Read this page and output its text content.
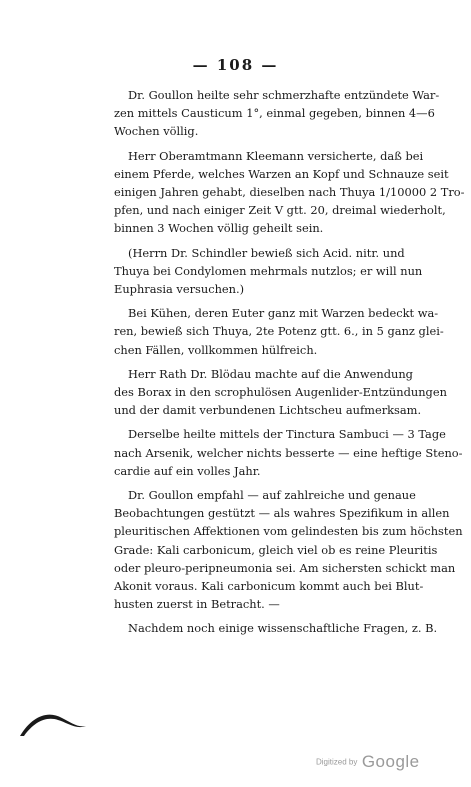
— 108 —
Dr. Goullon heilte sehr schmerzhafte entzündete War-
zen mittels Causticum 1°, einmal gegeben, binnen 4—6
Wochen völlig.
Herr Oberamtmann Kleemann versicherte, daß bei
einem Pferde, welches Warzen an Kopf und Schnauze seit
einigen Jahren gehabt, dieselben nach Thuya 1/10000 2 Tro-
pfen, und nach einiger Zeit V gtt. 20, dreimal wiederholt,
binnen 3 Wochen völlig geheilt sein.
(Herrn Dr. Schindler bewieß sich Acid. nitr. und
Thuya bei Condylomen mehrmals nutzlos; er will nun
Euphrasia versuchen.)
Bei Kühen, deren Euter ganz mit Warzen bedeckt wa-
ren, bewieß sich Thuya, 2te Potenz gtt. 6., in 5 ganz glei-
chen Fällen, vollkommen hülfreich.
Herr Rath Dr. Blödau machte auf die Anwendung
des Borax in den scrophulösen Augenlider-Entzündungen
und der damit verbundenen Lichtscheu aufmerksam.
Derselbe heilte mittels der Tinctura Sambuci — 3 Tage
nach Arsenik, welcher nichts besserte — eine heftige Steno-
cardie auf ein volles Jahr.
Dr. Goullon empfahl — auf zahlreiche und genaue
Beobachtungen gestützt — als wahres Spezifikum in allen
pleuritischen Affektionen vom gelindesten bis zum höchsten
Grade: Kali carbonicum, gleich viel ob es reine Pleuritis
oder pleuro-peripneumonia sei. Am sichersten schickt man
Akonit voraus. Kali carbonicum kommt auch bei Blut-
husten zuerst in Betracht. —
Nachdem noch einige wissenschaftliche Fragen, z. B.
Digitized by Google
